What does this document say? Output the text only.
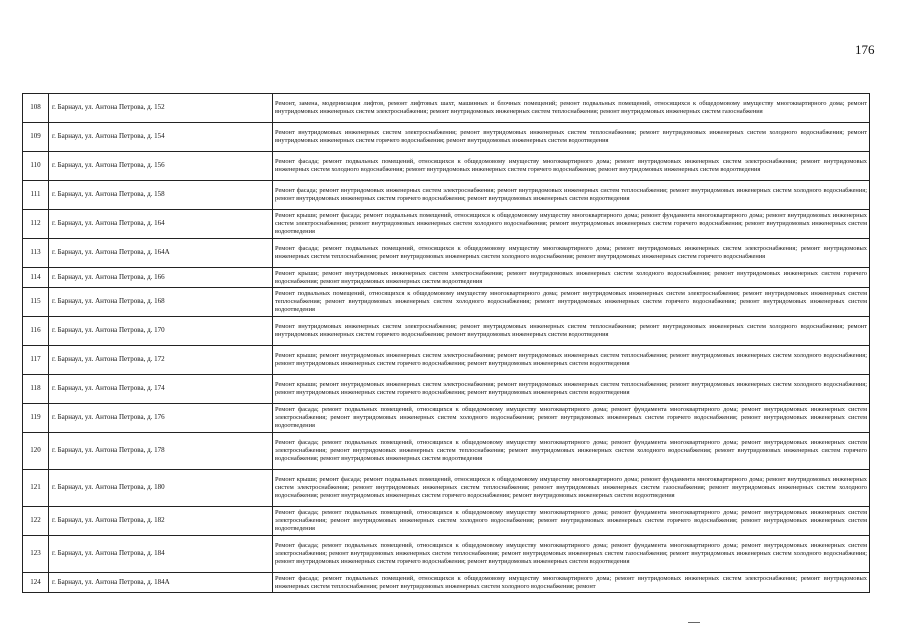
176
108	г. Барнаул, ул. Антона Петрова, д. 152	Ремонт, замена, модернизация лифтов, ремонт лифтовых шахт, машинных и блочных помещений; ремонт подвальных помещений, относящихся к общедомовому имуществу многоквартирного дома; ремонт внутридомовых инженерных систем электроснабжения; ремонт внутридомовых инженерных систем теплоснабжения; ремонт внутридомовых инженерных систем газоснабжения
109	г. Барнаул, ул. Антона Петрова, д. 154	Ремонт внутридомовых инженерных систем электроснабжения; ремонт внутридомовых инженерных систем теплоснабжения; ремонт внутридомовых инженерных систем холодного водоснабжения; ремонт внутридомовых инженерных систем горячего водоснабжения; ремонт внутридомовых инженерных систем водоотведения
110	г. Барнаул, ул. Антона Петрова, д. 156	Ремонт фасада; ремонт подвальных помещений, относящихся к общедомовому имуществу многоквартирного дома; ремонт внутридомовых инженерных систем электроснабжения; ремонт внутридомовых инженерных систем холодного водоснабжения; ремонт внутридомовых инженерных систем горячего водоснабжения; ремонт внутридомовых инженерных систем водоотведения
111	г. Барнаул, ул. Антона Петрова, д. 158	Ремонт фасада; ремонт внутридомовых инженерных систем электроснабжения; ремонт внутридомовых инженерных систем теплоснабжения; ремонт внутридомовых инженерных систем холодного водоснабжения; ремонт внутридомовых инженерных систем горячего водоснабжения; ремонт внутридомовых инженерных систем водоотведения
112	г. Барнаул, ул. Антона Петрова, д. 164	Ремонт крыши; ремонт фасада; ремонт подвальных помещений, относящихся к общедомовому имуществу многоквартирного дома; ремонт фундамента многоквартирного дома; ремонт внутридомовых инженерных систем электроснабжения; ремонт внутридомовых инженерных систем холодного водоснабжения; ремонт внутридомовых инженерных систем горячего водоснабжения; ремонт внутридомовых инженерных систем водоотведения
113	г. Барнаул, ул. Антона Петрова, д. 164А	Ремонт фасада; ремонт подвальных помещений, относящихся к общедомовому имуществу многоквартирного дома; ремонт внутридомовых инженерных систем электроснабжения; ремонт внутридомовых инженерных систем теплоснабжения; ремонт внутридомовых инженерных систем холодного водоснабжения; ремонт внутридомовых инженерных систем горячего водоснабжения
114	г. Барнаул, ул. Антона Петрова, д. 166	Ремонт крыши; ремонт внутридомовых инженерных систем электроснабжения; ремонт внутридомовых инженерных систем холодного водоснабжения; ремонт внутридомовых инженерных систем горячего водоснабжения; ремонт внутридомовых инженерных систем водоотведения
115	г. Барнаул, ул. Антона Петрова, д. 168	Ремонт подвальных помещений, относящихся к общедомовому имуществу многоквартирного дома; ремонт внутридомовых инженерных систем электроснабжения; ремонт внутридомовых инженерных систем теплоснабжения; ремонт внутридомовых инженерных систем холодного водоснабжения; ремонт внутридомовых инженерных систем горячего водоснабжения; ремонт внутридомовых инженерных систем водоотведения
116	г. Барнаул, ул. Антона Петрова, д. 170	Ремонт внутридомовых инженерных систем электроснабжения; ремонт внутридомовых инженерных систем теплоснабжения; ремонт внутридомовых инженерных систем холодного водоснабжения; ремонт внутридомовых инженерных систем горячего водоснабжения; ремонт внутридомовых инженерных систем водоотведения
117	г. Барнаул, ул. Антона Петрова, д. 172	Ремонт крыши; ремонт внутридомовых инженерных систем электроснабжения; ремонт внутридомовых инженерных систем теплоснабжения; ремонт внутридомовых инженерных систем холодного водоснабжения; ремонт внутридомовых инженерных систем горячего водоснабжения; ремонт внутридомовых инженерных систем водоотведения
118	г. Барнаул, ул. Антона Петрова, д. 174	Ремонт крыши; ремонт внутридомовых инженерных систем электроснабжения; ремонт внутридомовых инженерных систем теплоснабжения; ремонт внутридомовых инженерных систем холодного водоснабжения; ремонт внутридомовых инженерных систем горячего водоснабжения; ремонт внутридомовых инженерных систем водоотведения
119	г. Барнаул, ул. Антона Петрова, д. 176	Ремонт фасада; ремонт подвальных помещений, относящихся к общедомовому имуществу многоквартирного дома; ремонт фундамента многоквартирного дома; ремонт внутридомовых инженерных систем электроснабжения; ремонт внутридомовых инженерных систем холодного водоснабжения; ремонт внутридомовых инженерных систем горячего водоснабжения; ремонт внутридомовых инженерных систем водоотведения
120	г. Барнаул, ул. Антона Петрова, д. 178	Ремонт фасада; ремонт подвальных помещений, относящихся к общедомовому имуществу многоквартирного дома; ремонт фундамента многоквартирного дома; ремонт внутридомовых инженерных систем электроснабжения; ремонт внутридомовых инженерных систем теплоснабжения; ремонт внутридомовых инженерных систем холодного водоснабжения; ремонт внутридомовых инженерных систем горячего водоснабжения; ремонт внутридомовых инженерных систем водоотведения
121	г. Барнаул, ул. Антона Петрова, д. 180	Ремонт крыши; ремонт фасада; ремонт подвальных помещений, относящихся к общедомовому имуществу многоквартирного дома; ремонт фундамента многоквартирного дома; ремонт внутридомовых инженерных систем электроснабжения; ремонт внутридомовых инженерных систем теплоснабжения; ремонт внутридомовых инженерных систем газоснабжения; ремонт внутридомовых инженерных систем холодного водоснабжения; ремонт внутридомовых инженерных систем горячего водоснабжения; ремонт внутридомовых инженерных систем водоотведения
122	г. Барнаул, ул. Антона Петрова, д. 182	Ремонт фасада; ремонт подвальных помещений, относящихся к общедомовому имуществу многоквартирного дома; ремонт фундамента многоквартирного дома; ремонт внутридомовых инженерных систем электроснабжения; ремонт внутридомовых инженерных систем холодного водоснабжения; ремонт внутридомовых инженерных систем горячего водоснабжения; ремонт внутридомовых инженерных систем водоотведения
123	г. Барнаул, ул. Антона Петрова, д. 184	Ремонт фасада; ремонт подвальных помещений, относящихся к общедомовому имуществу многоквартирного дома; ремонт фундамента многоквартирного дома; ремонт внутридомовых инженерных систем электроснабжения; ремонт внутридомовых инженерных систем теплоснабжения; ремонт внутридомовых инженерных систем газоснабжения; ремонт внутридомовых инженерных систем холодного водоснабжения; ремонт внутридомовых инженерных систем горячего водоснабжения; ремонт внутридомовых инженерных систем водоотведения
124	г. Барнаул, ул. Антона Петрова, д. 184А	Ремонт фасада; ремонт подвальных помещений, относящихся к общедомовому имуществу многоквартирного дома; ремонт внутридомовых инженерных систем электроснабжения; ремонт внутридомовых инженерных систем теплоснабжения; ремонт внутридомовых инженерных систем холодного водоснабжения; ремонт
